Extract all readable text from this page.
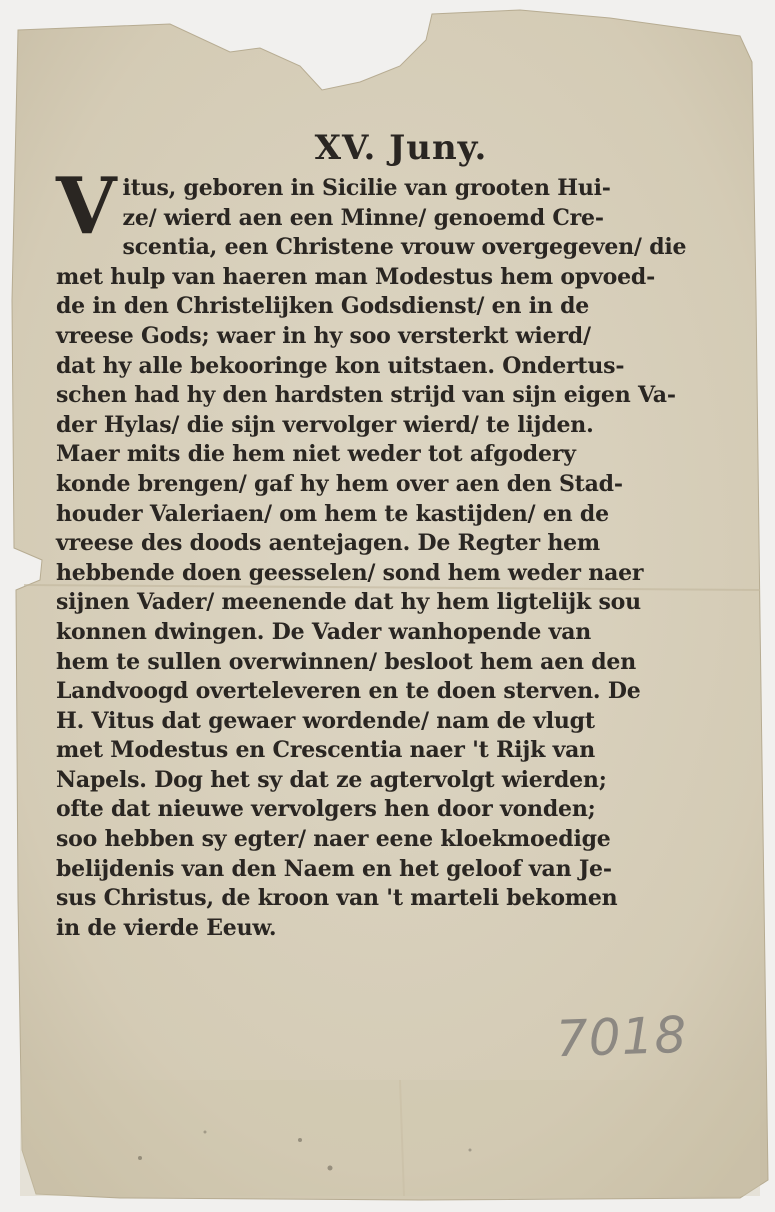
XV. Juny.
V itus, geboren in Sicilie van grooten Hui-
ze/ wierd aen een Minne/ genoemd Cre-
scentia, een Christene vrouw overgegeven/ die
met hulp van haeren man Modestus hem opvoed-
de in den Christelijken Godsdienst/ en in de
vreese Gods; waer in hy soo versterkt wierd/
dat hy alle bekooringe kon uitstaen. Ondertus-
schen had hy den hardsten strijd van sijn eigen Va-
der Hylas/ die sijn vervolger wierd/ te lijden.
Maer mits die hem niet weder tot afgodery
konde brengen/ gaf hy hem over aen den Stad-
houder Valeriaen/ om hem te kastijden/ en de
vreese des doods aentejagen. De Regter hem
hebbende doen geesselen/ sond hem weder naer
sijnen Vader/ meenende dat hy hem ligtelijk sou
konnen dwingen. De Vader wanhopende van
hem te sullen overwinnen/ besloot hem aen den
Landvoogd overteleveren en te doen sterven. De
H. Vitus dat gewaer wordende/ nam de vlugt
met Modestus en Crescentia naer 't Rijk van
Napels. Dog het sy dat ze agtervolgt wierden;
ofte dat nieuwe vervolgers hen door vonden;
soo hebben sy egter/ naer eene kloekmoedige
belijdenis van den Naem en het geloof van Je-
sus Christus, de kroon van 't marteli bekomen
in de vierde Eeuw.
7018
